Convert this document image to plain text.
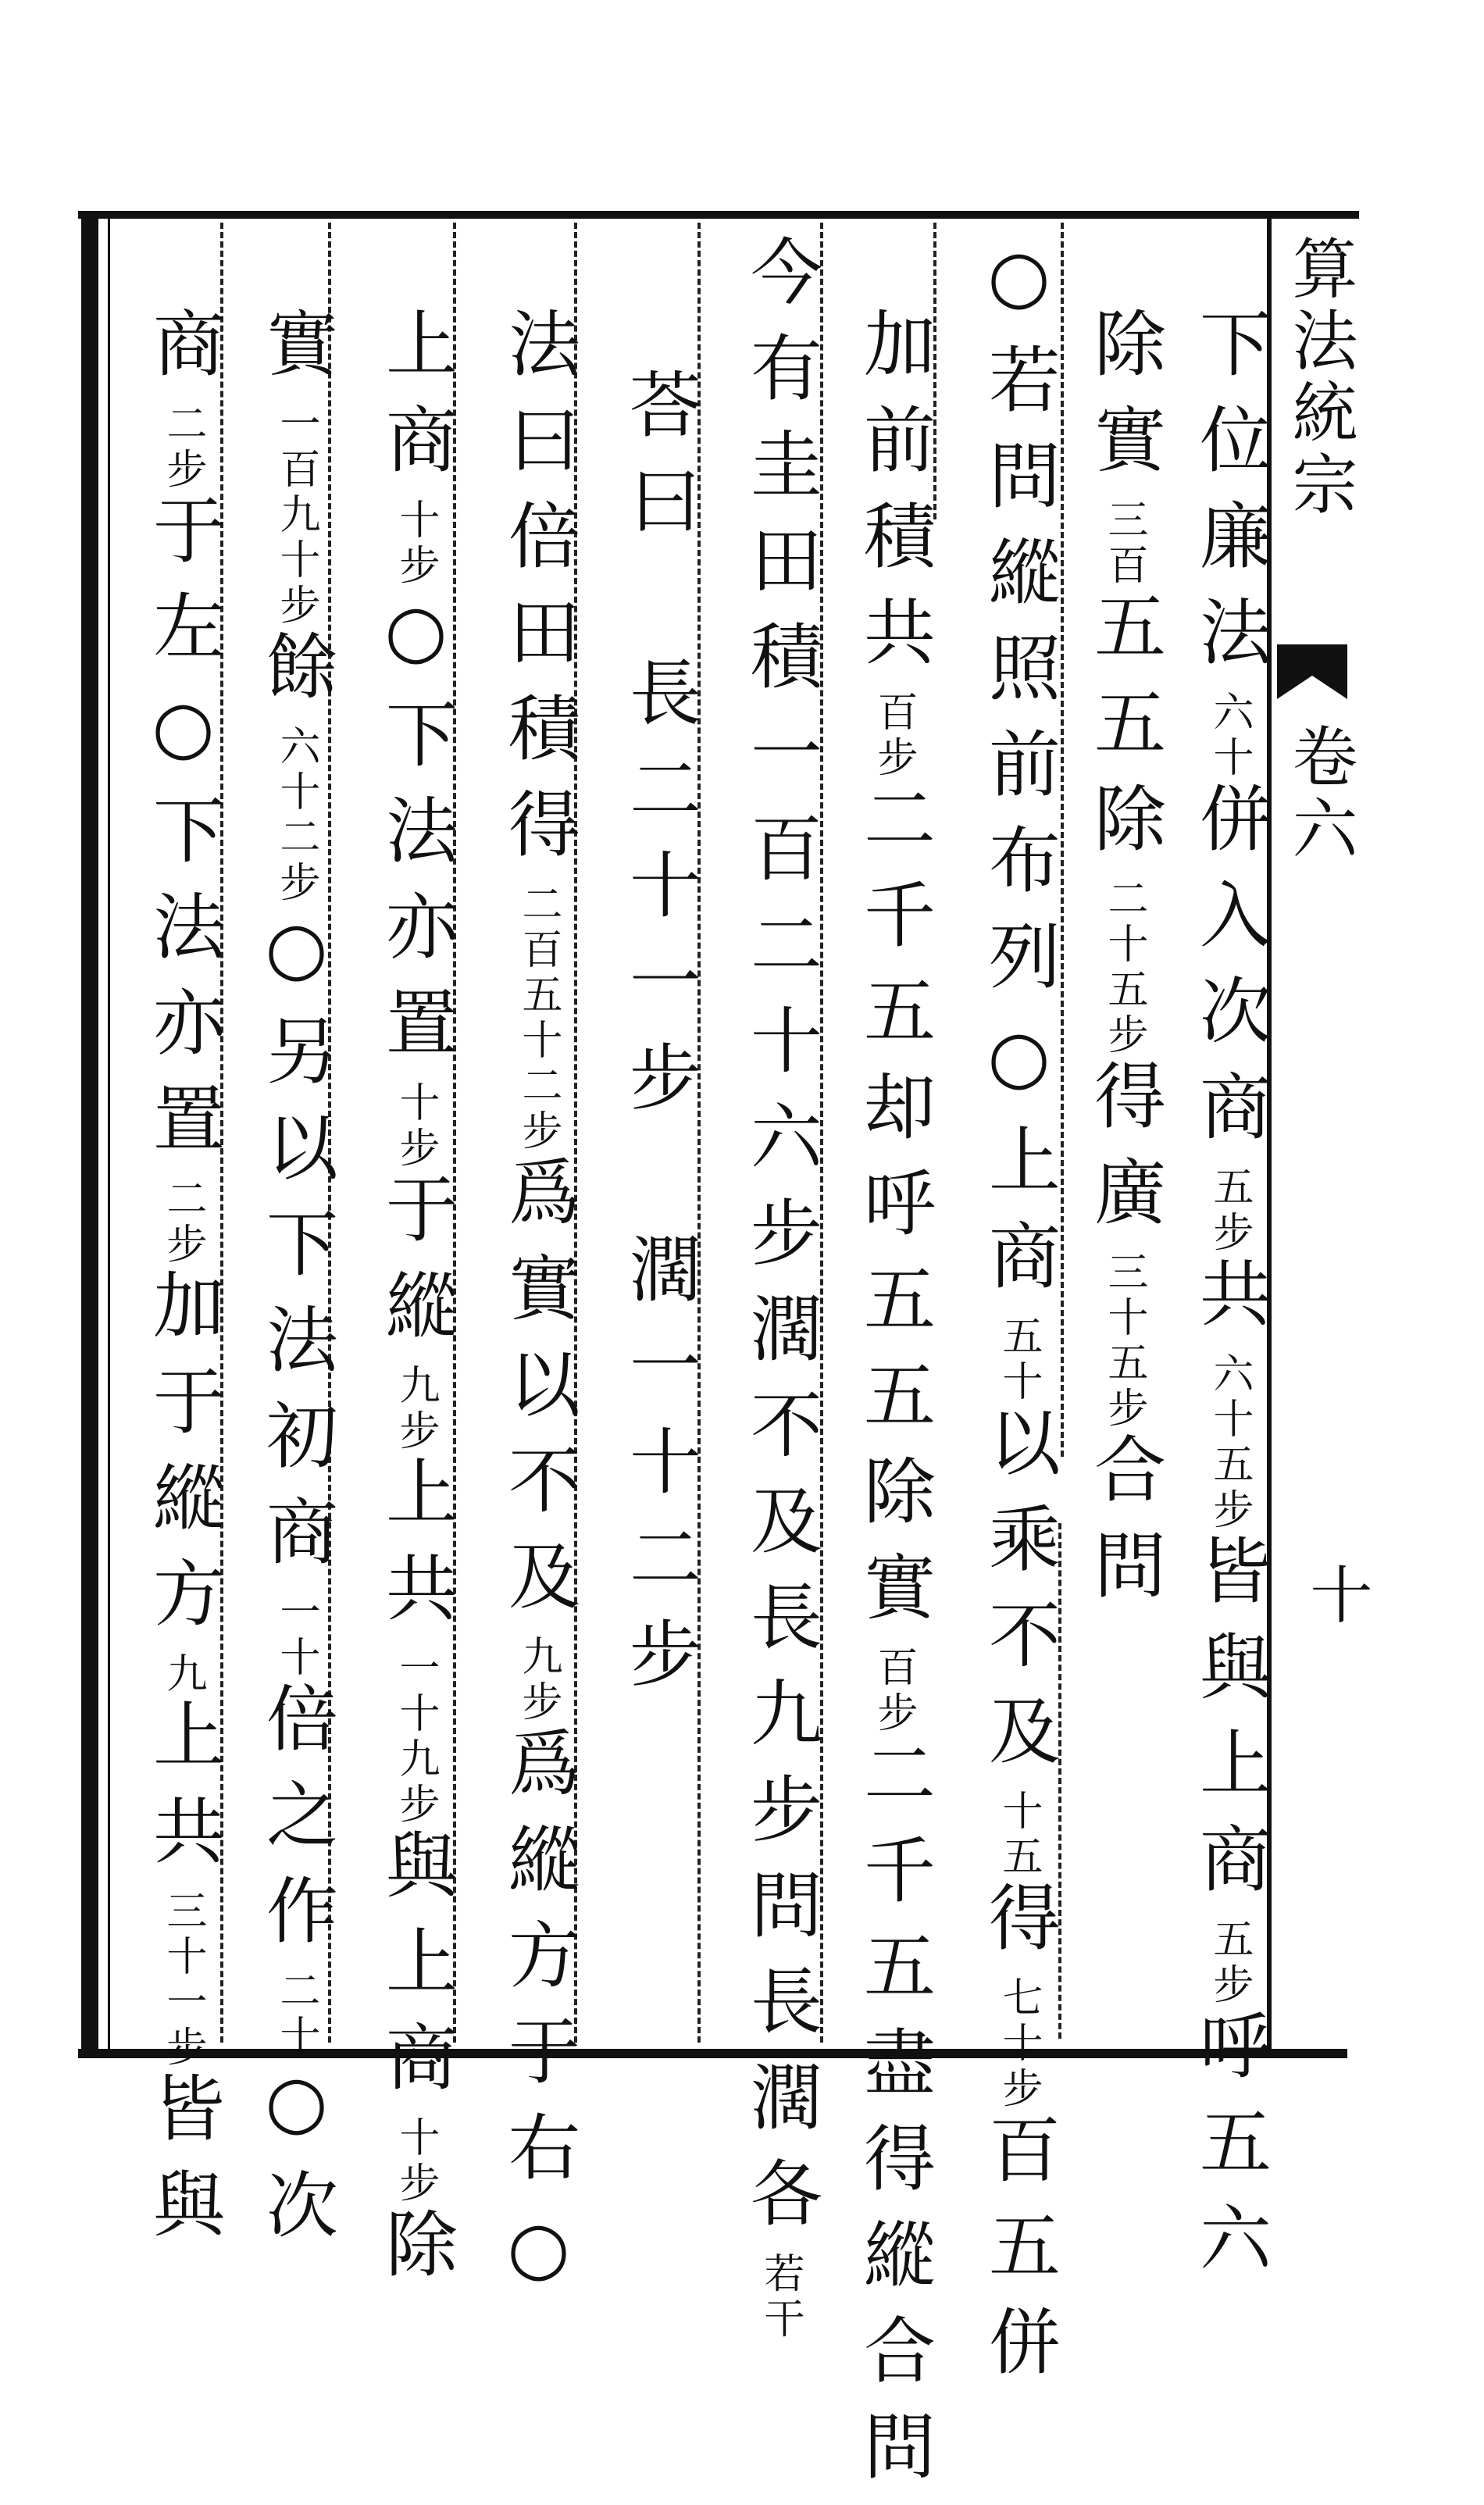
算法統宗
卷六
十
下位廉法六十併入次商五步共六十五步皆與上商五步呼五六
除實三百五五除二十五步得廣三十五步合問
○若問縱照前布列○上商五十以乘不及十五得七十步百五併
加前積共百步二千五却呼五五除實百步二千五盡得縱合問
今有圭田積一百二十六步濶不及長九步問長濶各若干
荅曰　長二十一步　濶一十二步
法曰倍田積得二百五十二步爲實以不及九步爲縱方于右○
上商十步○下法亦置十步于縱九步上共一十九步與上商十步除
實一百九十步餘六十二步○另以下法初商一十倍之作二十○次
商二步于左○下法亦置二步加于縱方九上共三十一步皆與
